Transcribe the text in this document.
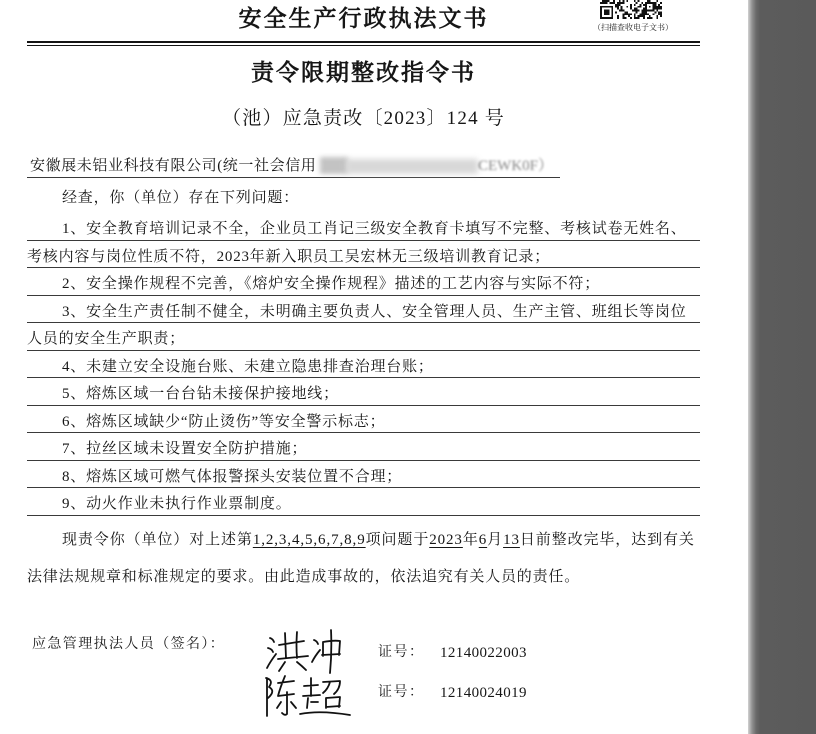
安全生产行政执法文书	（扫描查收电子文书）
责令限期整改指令书
（池）应急责改〔2023〕124 号
安徽展未铝业科技有限公司(统一社会信用	CEWK0F）
经查，你（单位）存在下列问题：
1、安全教育培训记录不全，企业员工肖记三级安全教育卡填写不完整、考核试卷无姓名、
考核内容与岗位性质不符，2023年新入职员工吴宏林无三级培训教育记录；
2、安全操作规程不完善，《熔炉安全操作规程》描述的工艺内容与实际不符；
3、安全生产责任制不健全，未明确主要负责人、安全管理人员、生产主管、班组长等岗位
人员的安全生产职责；
4、未建立安全设施台账、未建立隐患排查治理台账；
5、熔炼区域一台台钻未接保护接地线；
6、熔炼区域缺少“防止烫伤”等安全警示标志；
7、拉丝区域未设置安全防护措施；
8、熔炼区域可燃气体报警探头安装位置不合理；
9、动火作业未执行作业票制度。
现责令你（单位）对上述第1,2,3,4,5,6,7,8,9项问题于2023年6月13日前整改完毕，达到有关
法律法规规章和标准规定的要求。由此造成事故的，依法追究有关人员的责任。
应急管理执法人员（签名）：
证号： 12140022003
证号： 12140024019
